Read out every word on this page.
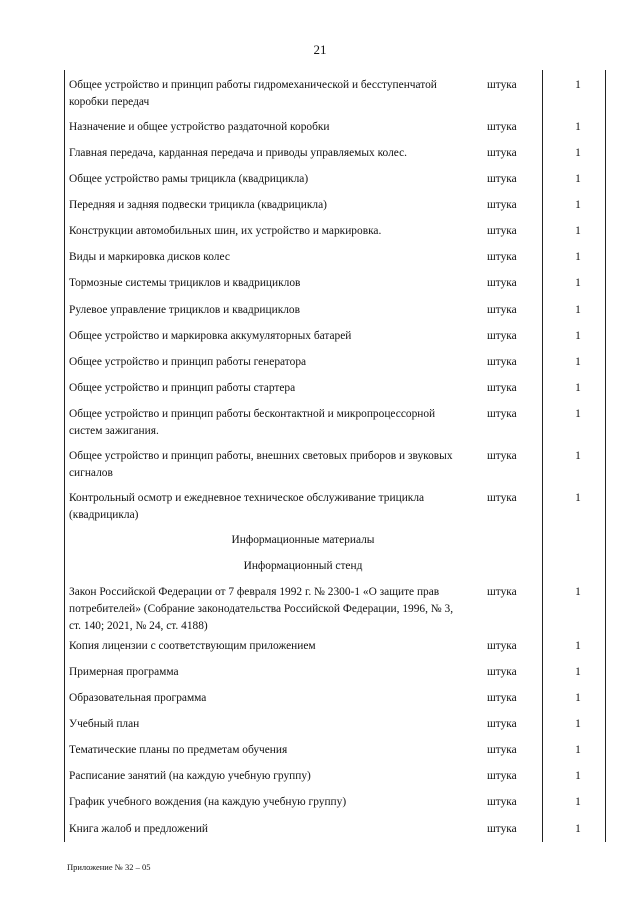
21
Общее устройство и принцип работы гидромеханической и бесступенчатой коробки передач
штука	1
Назначение и общее устройство раздаточной коробки	штука	1
Главная передача, карданная передача и приводы управляемых колес.	штука	1
Общее устройство рамы трицикла (квадрицикла)	штука	1
Передняя и задняя подвески трицикла (квадрицикла)	штука	1
Конструкции автомобильных шин, их устройство и маркировка.	штука	1
Виды и маркировка дисков колес	штука	1
Тормозные системы трициклов и квадрициклов	штука	1
Рулевое управление трициклов и квадрициклов	штука	1
Общее устройство и маркировка аккумуляторных батарей	штука	1
Общее устройство и принцип работы генератора	штука	1
Общее устройство и принцип работы стартера	штука	1
Общее устройство и принцип работы бесконтактной и микропроцессорной систем зажигания.
штука	1
Общее устройство и принцип работы, внешних световых приборов и звуковых сигналов
штука	1
Контрольный осмотр и ежедневное техническое обслуживание трицикла (квадрицикла)
штука	1
Информационные материалы
Информационный стенд
Закон Российской Федерации от 7 февраля 1992 г. № 2300-1 «О защите прав потребителей» (Собрание законодательства Российской Федерации, 1996, № 3, ст. 140; 2021, № 24, ст. 4188)
штука	1
Копия лицензии с соответствующим приложением	штука	1
Примерная программа	штука	1
Образовательная программа	штука	1
Учебный план	штука	1
Тематические планы по предметам обучения	штука	1
Расписание занятий (на каждую учебную группу)	штука	1
График учебного вождения (на каждую учебную группу)	штука	1
Книга жалоб и предложений	штука	1
Приложение № 32 – 05
